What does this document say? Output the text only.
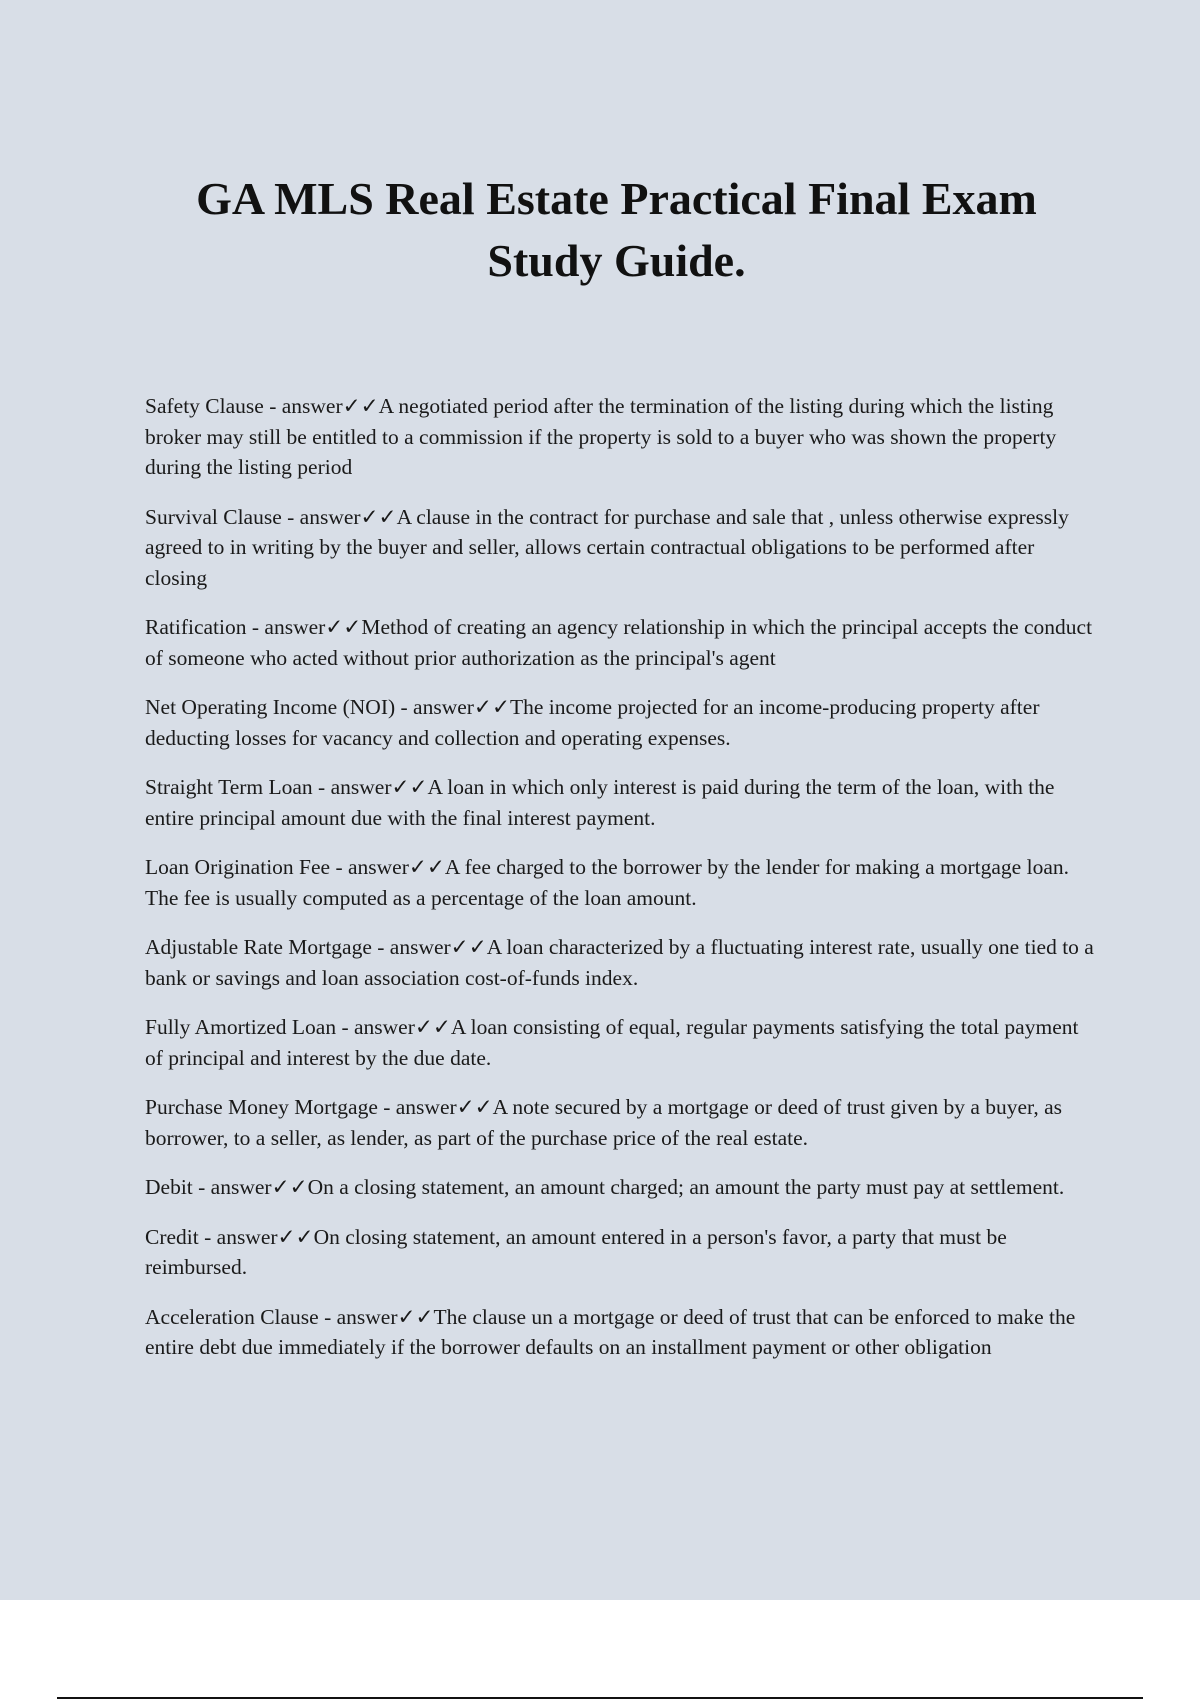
GA MLS Real Estate Practical Final Exam
Study Guide.

Safety Clause - answer✓✓A negotiated period after the termination of the listing during which the listing broker may still be entitled to a commission if the property is sold to a buyer who was shown the property during the listing period

Survival Clause - answer✓✓A clause in the contract for purchase and sale that , unless otherwise expressly agreed to in writing by the buyer and seller, allows certain contractual obligations to be performed after closing

Ratification - answer✓✓Method of creating an agency relationship in which the principal accepts the conduct of someone who acted without prior authorization as the principal's agent

Net Operating Income (NOI) - answer✓✓The income projected for an income-producing property after deducting losses for vacancy and collection and operating expenses.

Straight Term Loan - answer✓✓A loan in which only interest is paid during the term of the loan, with the entire principal amount due with the final interest payment.

Loan Origination Fee - answer✓✓A fee charged to the borrower by the lender for making a mortgage loan. The fee is usually computed as a percentage of the loan amount.

Adjustable Rate Mortgage - answer✓✓A loan characterized by a fluctuating interest rate, usually one tied to a bank or savings and loan association cost-of-funds index.

Fully Amortized Loan - answer✓✓A loan consisting of equal, regular payments satisfying the total payment of principal and interest by the due date.

Purchase Money Mortgage - answer✓✓A note secured by a mortgage or deed of trust given by a buyer, as borrower, to a seller, as lender, as part of the purchase price of the real estate.

Debit - answer✓✓On a closing statement, an amount charged; an amount the party must pay at settlement.

Credit - answer✓✓On closing statement, an amount entered in a person's favor, a party that must be reimbursed.

Acceleration Clause - answer✓✓The clause un a mortgage or deed of trust that can be enforced to make the entire debt due immediately if the borrower defaults on an installment payment or other obligation
